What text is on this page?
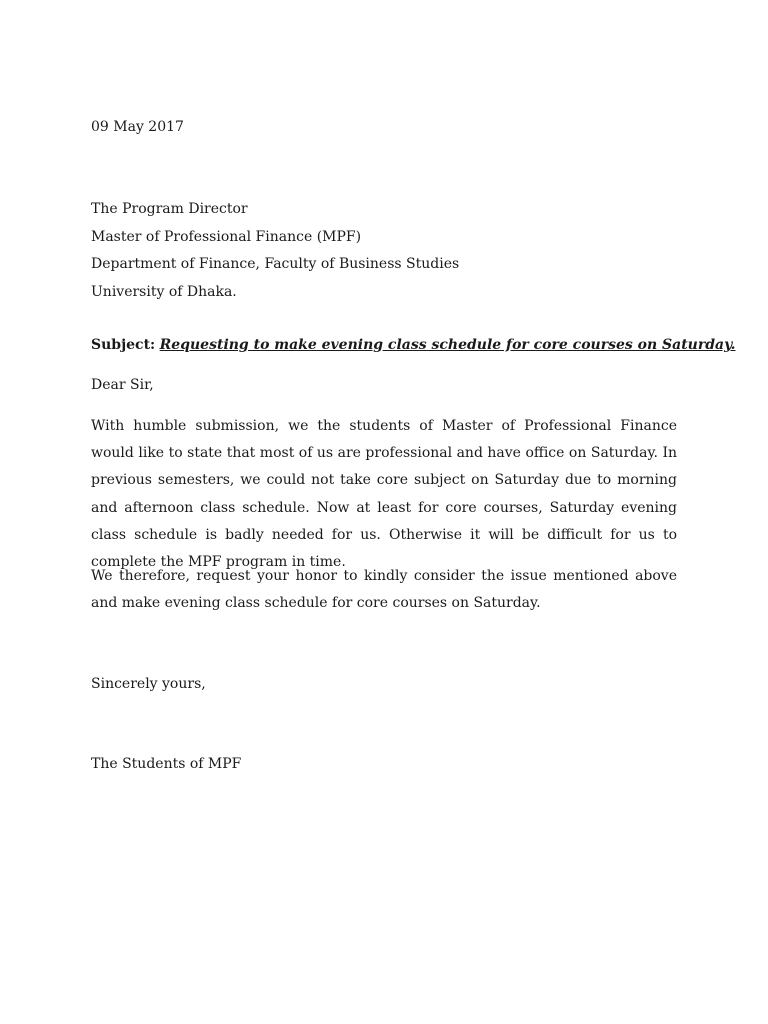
09 May 2017
The Program Director
Master of Professional Finance (MPF)
Department of Finance, Faculty of Business Studies
University of Dhaka.
Subject: Requesting to make evening class schedule for core courses on Saturday.
Dear Sir,
With humble submission, we the students of Master of Professional Finance would like to state that most of us are professional and have office on Saturday. In previous semesters, we could not take core subject on Saturday due to morning and afternoon class schedule. Now at least for core courses, Saturday evening class schedule is badly needed for us. Otherwise it will be difficult for us to complete the MPF program in time.
We therefore, request your honor to kindly consider the issue mentioned above and make evening class schedule for core courses on Saturday.
Sincerely yours,
The Students of MPF
